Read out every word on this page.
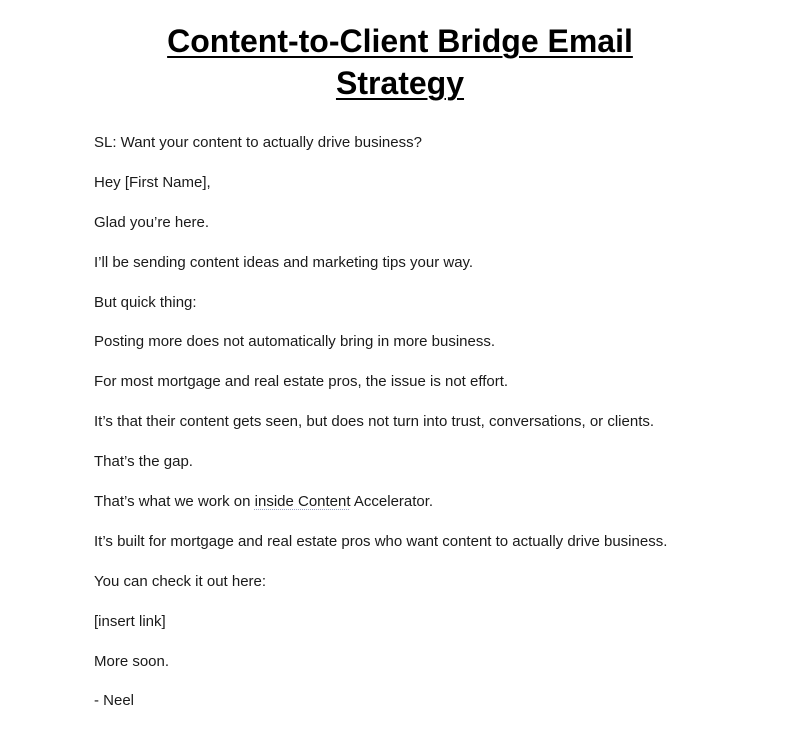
Content-to-Client Bridge Email
Strategy
SL: Want your content to actually drive business?
Hey [First Name],
Glad you’re here.
I’ll be sending content ideas and marketing tips your way.
But quick thing:
Posting more does not automatically bring in more business.
For most mortgage and real estate pros, the issue is not effort.
It’s that their content gets seen, but does not turn into trust, conversations, or clients.
That’s the gap.
That’s what we work on inside Content Accelerator.
It’s built for mortgage and real estate pros who want content to actually drive business.
You can check it out here:
[insert link]
More soon.
- Neel
